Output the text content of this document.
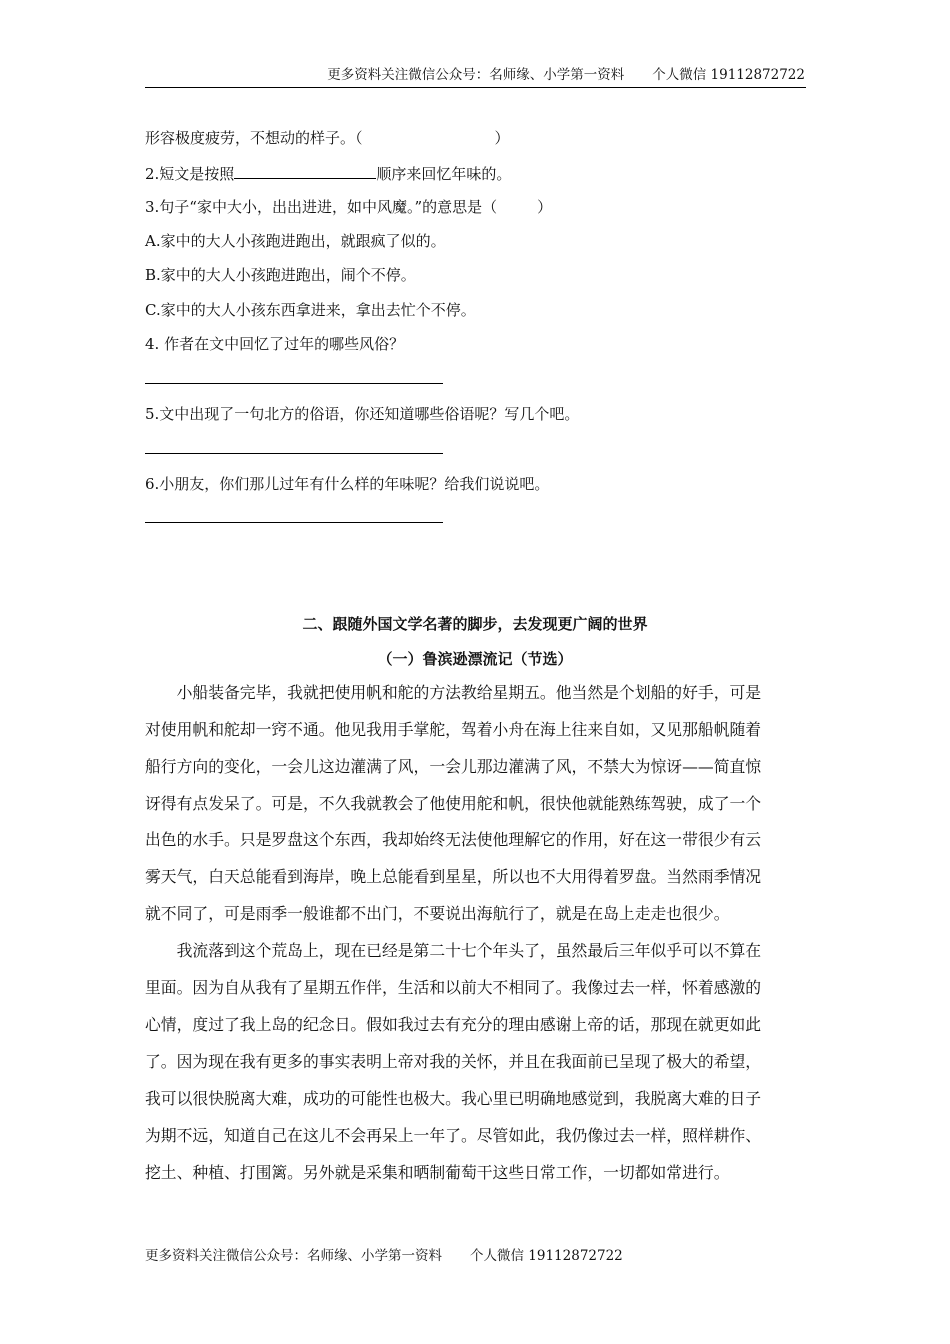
更多资料关注微信公众号：名师缘、小学第一资料 个人微信 19112872722
形容极度疲劳，不想动的样子。（	）
2.短文是按照	顺序来回忆年味的。
3.句子“家中大小，出出进进，如中风魔。”的意思是（	）
A.家中的大人小孩跑进跑出，就跟疯了似的。
B.家中的大人小孩跑进跑出，闹个不停。
C.家中的大人小孩东西拿进来，拿出去忙个不停。
4. 作者在文中回忆了过年的哪些风俗？
5.文中出现了一句北方的俗语，你还知道哪些俗语呢？写几个吧。
6.小朋友，你们那儿过年有什么样的年味呢？给我们说说吧。
二、跟随外国文学名著的脚步，去发现更广阔的世界
（一）鲁滨逊漂流记（节选）
　　小船装备完毕，我就把使用帆和舵的方法教给星期五。他当然是个划船的好手，可是
对使用帆和舵却一窍不通。他见我用手掌舵，驾着小舟在海上往来自如，又见那船帆随着
船行方向的变化，一会儿这边灌满了风，一会儿那边灌满了风，不禁大为惊讶——简直惊
讶得有点发呆了。可是，不久我就教会了他使用舵和帆，很快他就能熟练驾驶，成了一个
出色的水手。只是罗盘这个东西，我却始终无法使他理解它的作用，好在这一带很少有云
雾天气，白天总能看到海岸，晚上总能看到星星，所以也不大用得着罗盘。当然雨季情况
就不同了，可是雨季一般谁都不出门，不要说出海航行了，就是在岛上走走也很少。
　　我流落到这个荒岛上，现在已经是第二十七个年头了，虽然最后三年似乎可以不算在
里面。因为自从我有了星期五作伴，生活和以前大不相同了。我像过去一样，怀着感激的
心情，度过了我上岛的纪念日。假如我过去有充分的理由感谢上帝的话，那现在就更如此
了。因为现在我有更多的事实表明上帝对我的关怀，并且在我面前已呈现了极大的希望，
我可以很快脱离大难，成功的可能性也极大。我心里已明确地感觉到，我脱离大难的日子
为期不远，知道自己在这儿不会再呆上一年了。尽管如此，我仍像过去一样，照样耕作、
挖土、种植、打围篱。另外就是采集和晒制葡萄干这些日常工作，一切都如常进行。
更多资料关注微信公众号：名师缘、小学第一资料 个人微信 19112872722
